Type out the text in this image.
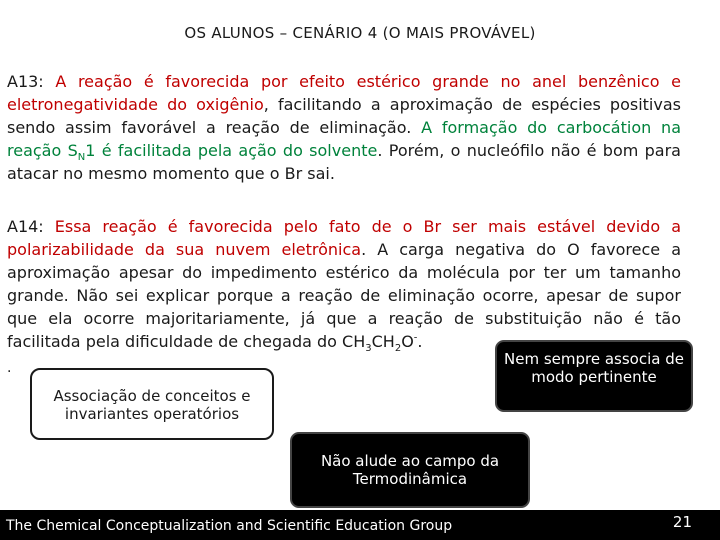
OS ALUNOS – CENÁRIO 4 (O MAIS PROVÁVEL)
A13: A reação é favorecida por efeito estérico grande no anel benzênico e eletronegatividade do oxigênio, facilitando a aproximação de espécies positivas sendo assim favorável a reação de eliminação. A formação do carbocátion na reação $S_N1$ é facilitada pela ação do solvente. Porém, o nucleófilo não é bom para atacar no mesmo momento que o Br sai.
A14: Essa reação é favorecida pelo fato de o Br ser mais estável devido a polarizabilidade da sua nuvem eletrônica. A carga negativa do O favorece a aproximação apesar do impedimento estérico da molécula por ter um tamanho grande. Não sei explicar porque a reação de eliminação ocorre, apesar de supor que ela ocorre majoritariamente, já que a reação de substituição não é tão facilitada pela dificuldade de chegada do $CH_3CH_2O^-$.
.	Nem sempre associa de modo pertinente
Associação de conceitos e invariantes operatórios
Não alude ao campo da Termodinâmica
The Chemical Conceptualization and Scientific Education Group	21
